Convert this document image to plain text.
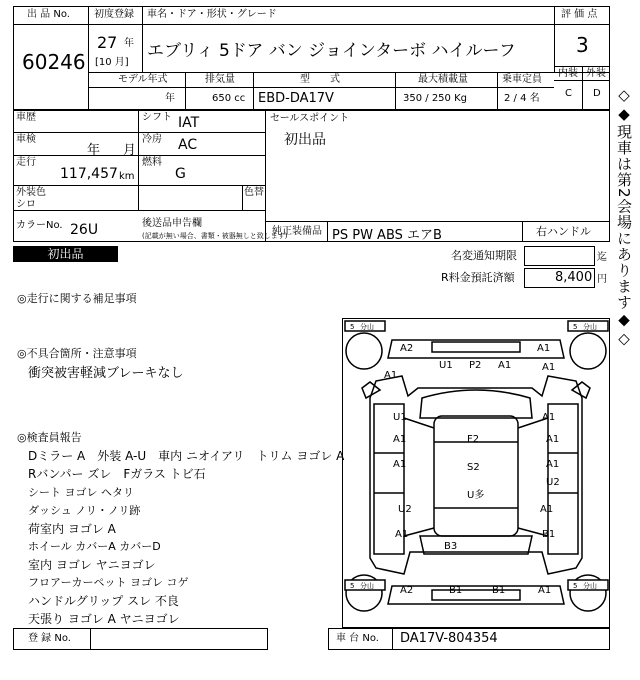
出 品 No.
60246
初度登録 車名・ドア・形状・グレード
27 年
[10 月]
エブリィ 5ドア バン ジョインターボ ハイルーフ
モデル年式	排気量	型　　式	最大積載量	乗車定員
年	650 cc EBD-DA17V	350 / 250 Kg	2 / 4 名
評 価 点
3
内装 外装
C D
車歴
車検
年 月
走行
117,457 km
シフト IAT
冷房 AC
燃料
G
外装色
シロ
色替
カラーNo. 26U	後送品申告欄
(記載が無い場合、書類・被器無しと致します)
セールスポイント
初出品
純正装備品 PS PW ABS エアB	右ハンドル
初出品	名変通知期限	迄
R料金預託済額	8,400 円
◎走行に関する補足事項
◎不具合箇所・注意事項
衝突被害軽減ブレーキなし
◎検査員報告
Dミラー A　外装 A-U　車内 ニオイアリ　トリム ヨゴレ A
Rバンパー ズレ　Fガラス トビ石
シート ヨゴレ ヘタリ
ダッシュ ノリ・ノリ跡
荷室内 ヨゴレ A
ホイール カバーA カバーD
室内 ヨゴレ ヤニヨゴレ
フロアーカーペット ヨゴレ コゲ
ハンドルグリップ スレ 不良
天張り ヨゴレ A ヤニヨゴレ
◇◆現車は第2会場にあります◆◇
5 分山	5 分山
5 分山	5 分山
A2	A1
U1 P2 A1	A1
A1
U1
A1
A1
F2
A1	A1
S2
A1
U2
U多
U2	A1
A1	B1
B3
A2	B1	B1	A1
登 録 No.	車 台 No. DA17V-804354
